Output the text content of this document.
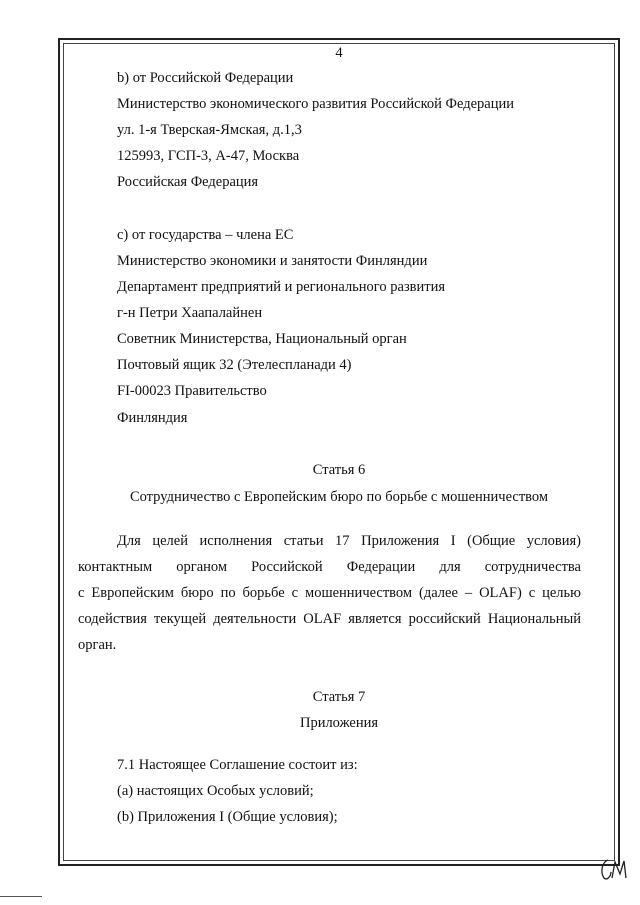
4
b) от Российской Федерации
Министерство экономического развития Российской Федерации
ул. 1-я Тверская-Ямская, д.1,3
125993, ГСП-3, А-47, Москва
Российская Федерация
c) от государства – члена ЕС
Министерство экономики и занятости Финляндии
Департамент предприятий и регионального развития
г-н Петри Хаапалайнен
Советник Министерства, Национальный орган
Почтовый ящик 32 (Этелеспланади 4)
FI-00023 Правительство
Финляндия
Статья 6
Сотрудничество с Европейским бюро по борьбе с мошенничеством
Для целей исполнения статьи 17 Приложения I (Общие условия)
контактным органом Российской Федерации для сотрудничества
с Европейским бюро по борьбе с мошенничеством (далее – OLAF) с целью
содействия текущей деятельности OLAF является российский Национальный
орган.
Статья 7
Приложения
7.1 Настоящее Соглашение состоит из:
(а) настоящих Особых условий;
(b) Приложения I (Общие условия);
